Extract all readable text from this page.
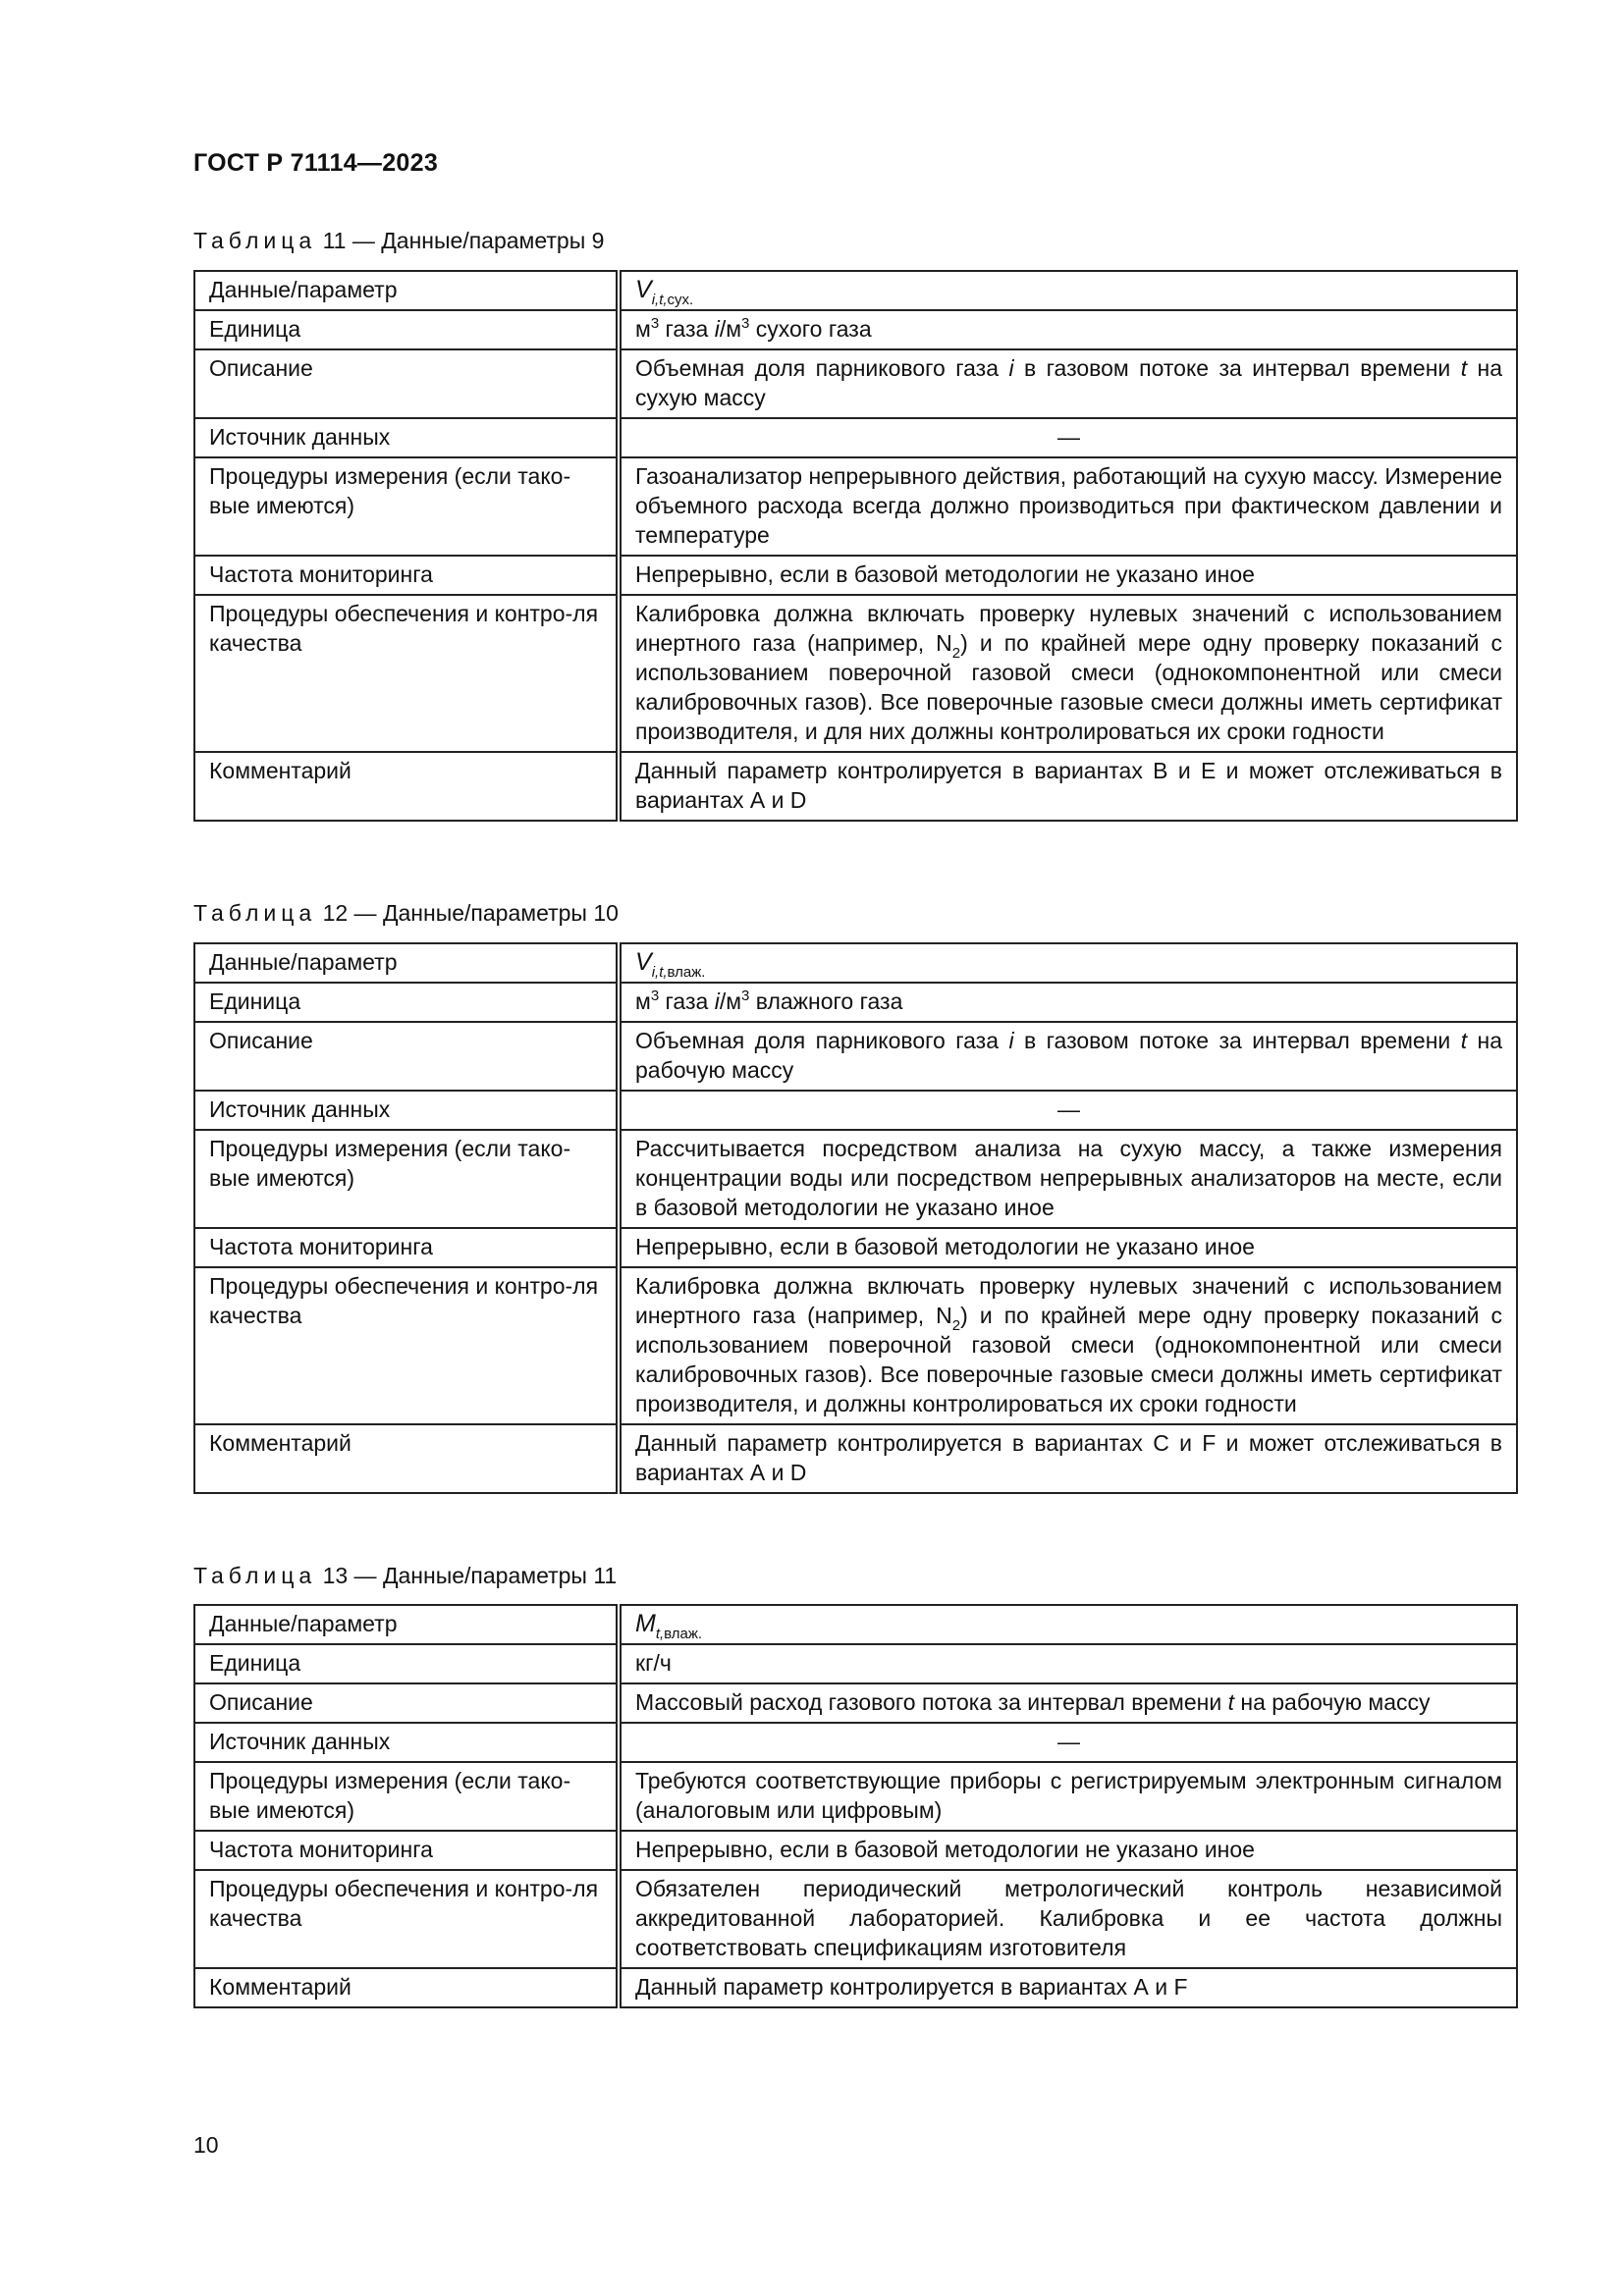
ГОСТ Р 71114—2023
Таблица 11 — Данные/параметры 9
Данные/параметр	$V_{i,t,сух.}$
Единица	$м^3$ газа $i/м^3$ сухого газа
Описание	Объемная доля парникового газа i в газовом потоке за интервал времени t на сухую массу
Источник данных	—
Процедуры измерения (если тако-вые имеются)	Газоанализатор непрерывного действия, работающий на сухую массу. Измерение объемного расхода всегда должно производиться при фактическом давлении и температуре
Частота мониторинга	Непрерывно, если в базовой методологии не указано иное
Процедуры обеспечения и контро-ля качества	Калибровка должна включать проверку нулевых значений с использованием инертного газа (например, $N_2$) и по крайней мере одну проверку показаний с использованием поверочной газовой смеси (однокомпонентной или смеси калибровочных газов). Все поверочные газовые смеси должны иметь сертификат производителя, и для них должны контролироваться их сроки годности
Комментарий	Данный параметр контролируется в вариантах В и Е и может отслеживаться в вариантах А и D
Таблица 12 — Данные/параметры 10
Данные/параметр	$V_{i,t,влаж.}$
Единица	$м^3$ газа $i/м^3$ влажного газа
Описание	Объемная доля парникового газа i в газовом потоке за интервал времени t на рабочую массу
Источник данных	—
Процедуры измерения (если тако-вые имеются)	Рассчитывается посредством анализа на сухую массу, а также измерения концентрации воды или посредством непрерывных анализаторов на месте, если в базовой методологии не указано иное
Частота мониторинга	Непрерывно, если в базовой методологии не указано иное
Процедуры обеспечения и контро-ля качества	Калибровка должна включать проверку нулевых значений с использованием инертного газа (например, $N_2$) и по крайней мере одну проверку показаний с использованием поверочной газовой смеси (однокомпонентной или смеси калибровочных газов). Все поверочные газовые смеси должны иметь сертификат производителя, и должны контролироваться их сроки годности
Комментарий	Данный параметр контролируется в вариантах С и F и может отслеживаться в вариантах А и D
Таблица 13 — Данные/параметры 11
Данные/параметр	$M_{t,влаж.}$
Единица	кг/ч
Описание	Массовый расход газового потока за интервал времени t на рабочую массу
Источник данных	—
Процедуры измерения (если тако-вые имеются)	Требуются соответствующие приборы с регистрируемым электронным сигналом (аналоговым или цифровым)
Частота мониторинга	Непрерывно, если в базовой методологии не указано иное
Процедуры обеспечения и контро-ля качества	Обязателен периодический метрологический контроль независимой аккредитованной лабораторией. Калибровка и ее частота должны соответствовать спецификациям изготовителя
Комментарий	Данный параметр контролируется в вариантах А и F
10
